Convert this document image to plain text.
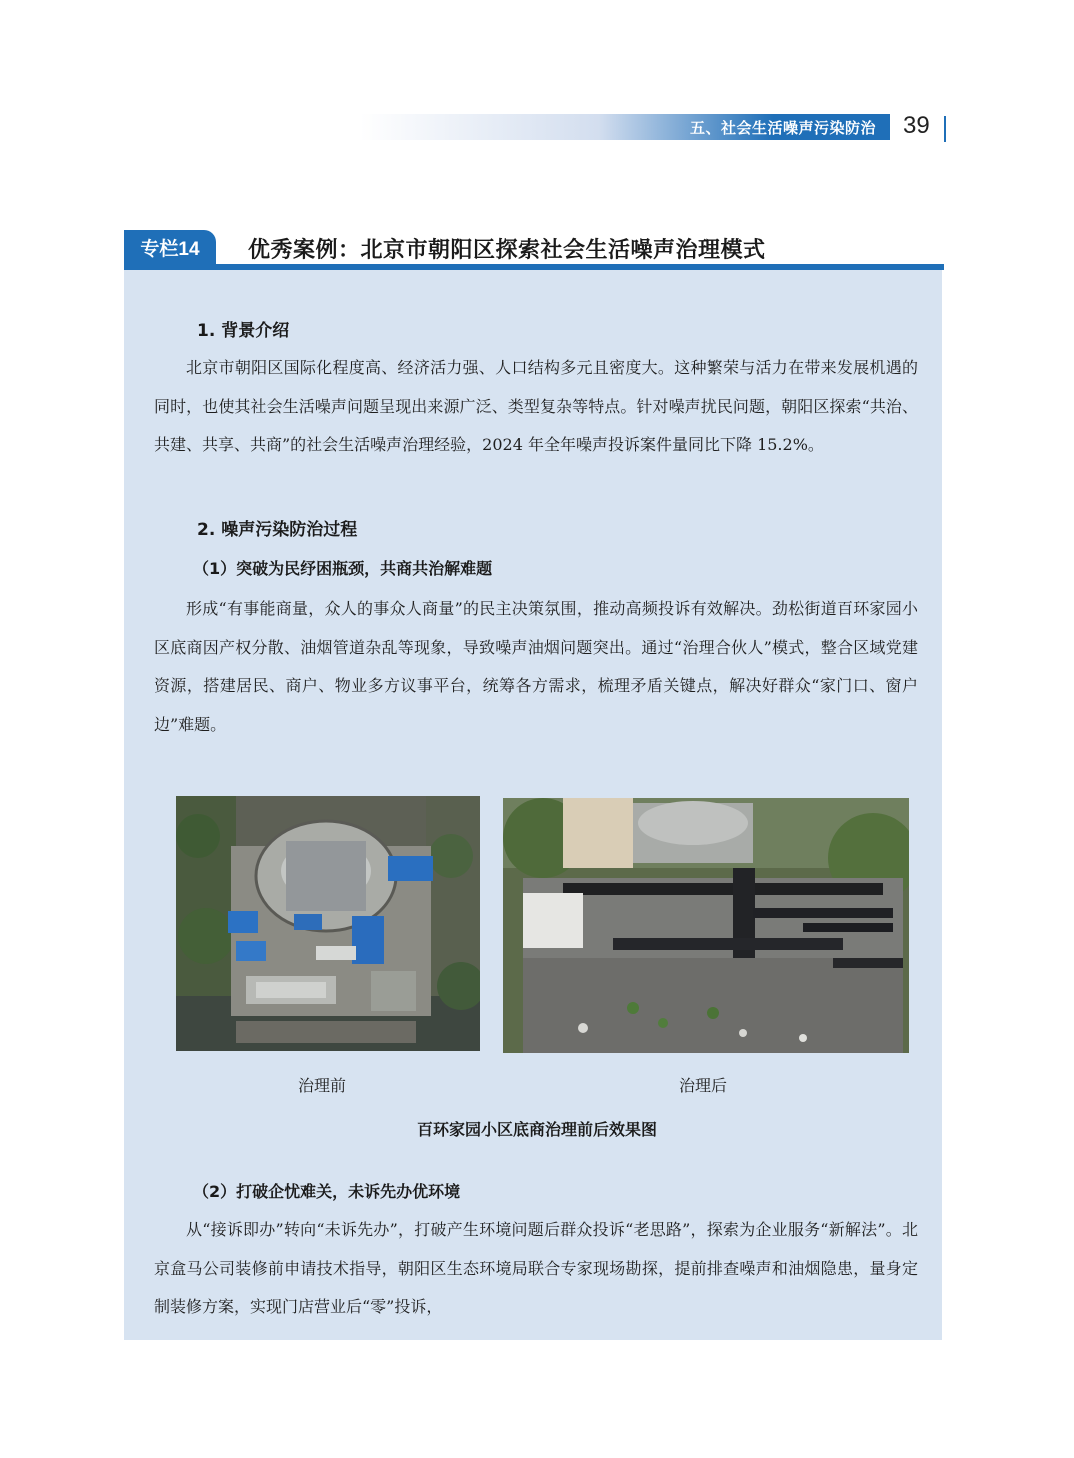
五、社会生活噪声污染防治 39
专栏14	优秀案例：北京市朝阳区探索社会生活噪声治理模式
1. 背景介绍
北京市朝阳区国际化程度高、经济活力强、人口结构多元且密度大。这种繁荣与活力在带来发展机遇的同时，也使其社会生活噪声问题呈现出来源广泛、类型复杂等特点。针对噪声扰民问题，朝阳区探索“共治、共建、共享、共商”的社会生活噪声治理经验，2024 年全年噪声投诉案件量同比下降 15.2%。
2. 噪声污染防治过程
（1）突破为民纾困瓶颈，共商共治解难题
形成“有事能商量，众人的事众人商量”的民主决策氛围，推动高频投诉有效解决。劲松街道百环家园小区底商因产权分散、油烟管道杂乱等现象，导致噪声油烟问题突出。通过“治理合伙人”模式，整合区域党建资源，搭建居民、商户、物业多方议事平台，统筹各方需求，梳理矛盾关键点，解决好群众“家门口、窗户边”难题。
治理前	治理后
百环家园小区底商治理前后效果图
（2）打破企忧难关，未诉先办优环境
从“接诉即办”转向“未诉先办”，打破产生环境问题后群众投诉“老思路”，探索为企业服务“新解法”。北京盒马公司装修前申请技术指导，朝阳区生态环境局联合专家现场勘探，提前排查噪声和油烟隐患，量身定制装修方案，实现门店营业后“零”投诉，
